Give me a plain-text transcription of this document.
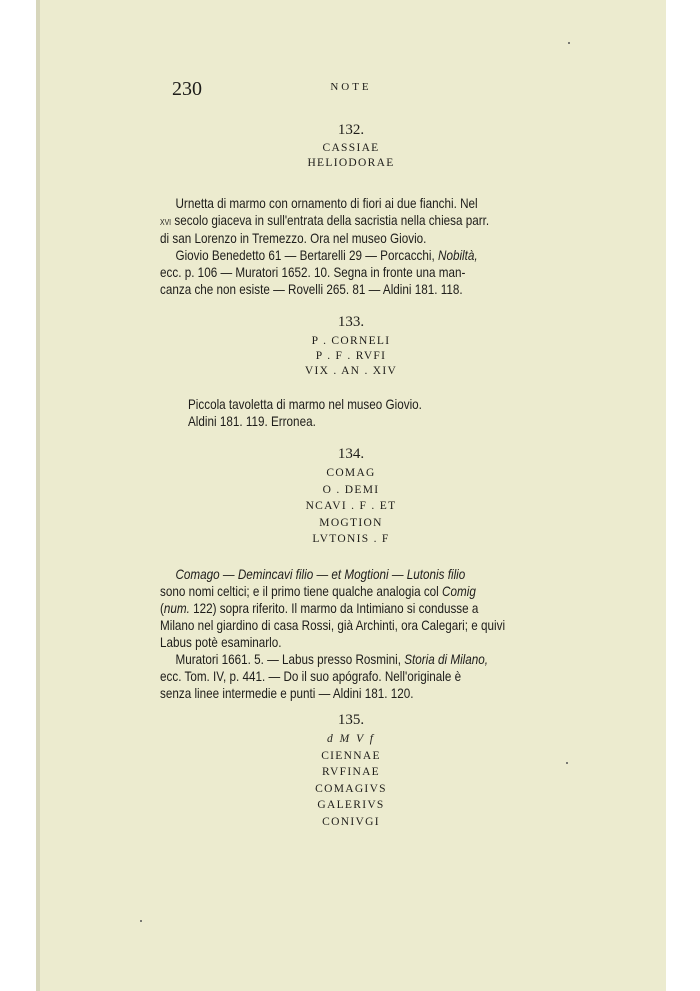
230	NOTE
132.
CASSIAE
HELIODORAE

Urnetta di marmo con ornamento di fiori ai due fianchi. Nel

xvi secolo giaceva in sull'entrata della sacristia nella chiesa parr.

di san Lorenzo in Tremezzo. Ora nel museo Giovio.

Giovio Benedetto 61 — Bertarelli 29 — Porcacchi, Nobiltà,

ecc. p. 106 — Muratori 1652. 10. Segna in fronte una man-

canza che non esiste — Rovelli 265. 81 — Aldini 181. 118.

133.
P . CORNELI
P . F . RVFI
VIX . AN . XIV

Piccola tavoletta di marmo nel museo Giovio.

Aldini 181. 119. Erronea.

134.
COMAG
O . DEMI
NCAVI . F . ET
MOGTION
LVTONIS . F

Comago — Demincavi filio — et Mogtioni — Lutonis filio

sono nomi celtici; e il primo tiene qualche analogia col Comig

(num. 122) sopra riferito. Il marmo da Intimiano si condusse a

Milano nel giardino di casa Rossi, già Archinti, ora Calegari; e quivi

Labus potè esaminarlo.

Muratori 1661. 5. — Labus presso Rosmini, Storia di Milano,

ecc. Tom. IV, p. 441. — Do il suo apógrafo. Nell'originale è

senza linee intermedie e punti — Aldini 181. 120.

135.
d M V f
CIENNAE
RVFINAE
COMAGIVS
GALERIVS
CONIVGI
